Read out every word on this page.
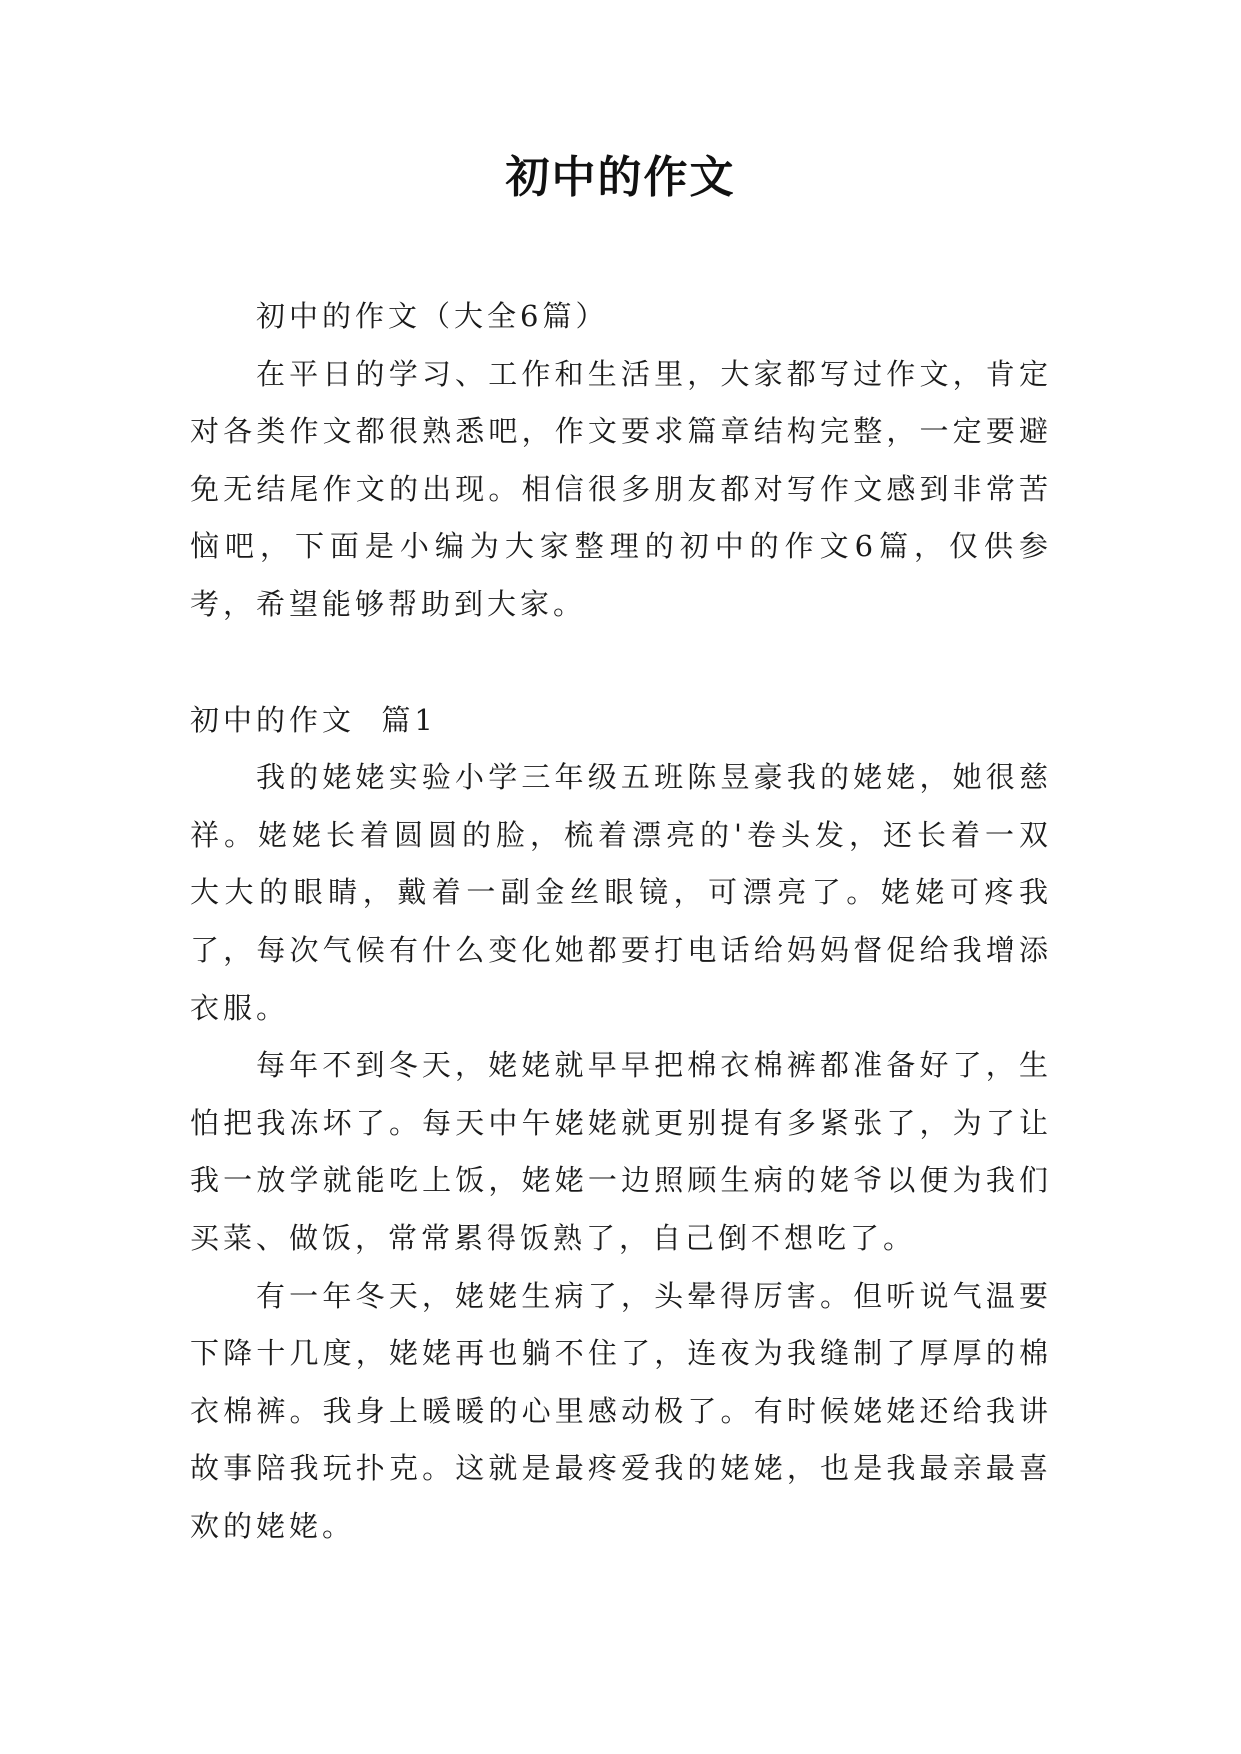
初中的作文

初中的作文（大全6篇）

在平日的学习、工作和生活里，大家都写过作文，肯定对各类作文都很熟悉吧，作文要求篇章结构完整，一定要避免无结尾作文的出现。相信很多朋友都对写作文感到非常苦恼吧，下面是小编为大家整理的初中的作文6篇，仅供参考，希望能够帮助到大家。

初中的作文  篇1

我的姥姥实验小学三年级五班陈昱豪我的姥姥，她很慈祥。姥姥长着圆圆的脸，梳着漂亮的'卷头发，还长着一双大大的眼睛，戴着一副金丝眼镜，可漂亮了。姥姥可疼我了，每次气候有什么变化她都要打电话给妈妈督促给我增添衣服。

每年不到冬天，姥姥就早早把棉衣棉裤都准备好了，生怕把我冻坏了。每天中午姥姥就更别提有多紧张了，为了让我一放学就能吃上饭，姥姥一边照顾生病的姥爷以便为我们买菜、做饭，常常累得饭熟了，自己倒不想吃了。

有一年冬天，姥姥生病了，头晕得厉害。但听说气温要下降十几度，姥姥再也躺不住了，连夜为我缝制了厚厚的棉衣棉裤。我身上暖暖的心里感动极了。有时候姥姥还给我讲故事陪我玩扑克。这就是最疼爱我的姥姥，也是我最亲最喜欢的姥姥。
